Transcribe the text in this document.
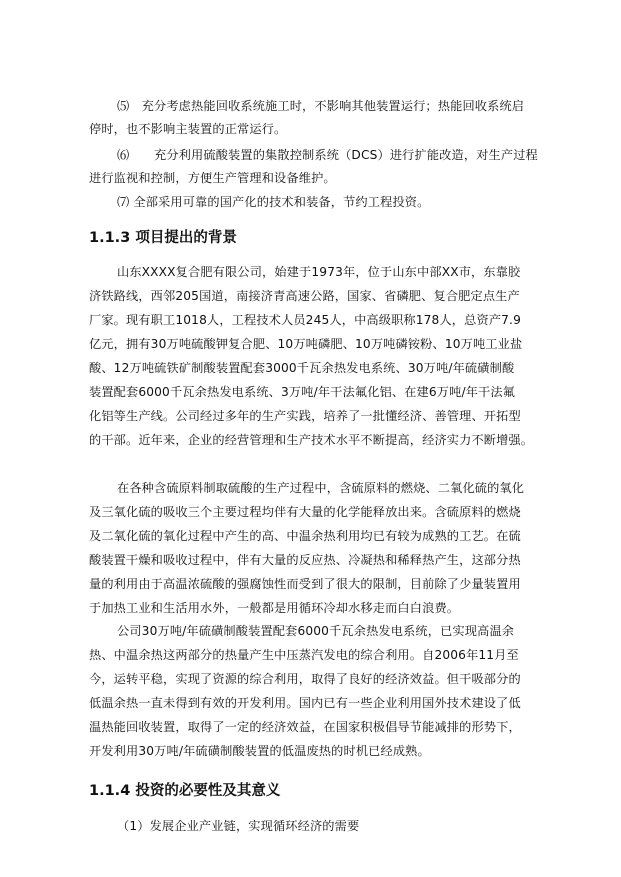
⑸　充分考虑热能回收系统施工时，不影响其他装置运行；热能回收系统启
停时，也不影响主装置的正常运行。
⑹　　充分利用硫酸装置的集散控制系统（DCS）进行扩能改造，对生产过程
进行监视和控制，方便生产管理和设备维护。
⑺ 全部采用可靠的国产化的技术和装备，节约工程投资。
1.1.3 项目提出的背景
山东XXXX复合肥有限公司，始建于1973年，位于山东中部XX市，东靠胶
济铁路线，西邻205国道，南接济青高速公路，国家、省磷肥、复合肥定点生产
厂家。现有职工1018人，工程技术人员245人，中高级职称178人，总资产7.9
亿元，拥有30万吨硫酸钾复合肥、10万吨磷肥、10万吨磷铵粉、10万吨工业盐
酸、12万吨硫铁矿制酸装置配套3000千瓦余热发电系统、30万吨/年硫磺制酸
装置配套6000千瓦余热发电系统、3万吨/年干法氟化铝、在建6万吨/年干法氟
化铝等生产线。公司经过多年的生产实践，培养了一批懂经济、善管理、开拓型
的干部。近年来，企业的经营管理和生产技术水平不断提高，经济实力不断增强。
在各种含硫原料制取硫酸的生产过程中，含硫原料的燃烧、二氧化硫的氧化
及三氧化硫的吸收三个主要过程均伴有大量的化学能释放出来。含硫原料的燃烧
及二氧化硫的氧化过程中产生的高、中温余热利用均已有较为成熟的工艺。在硫
酸装置干燥和吸收过程中，伴有大量的反应热、冷凝热和稀释热产生，这部分热
量的利用由于高温浓硫酸的强腐蚀性而受到了很大的限制，目前除了少量装置用
于加热工业和生活用水外，一般都是用循环冷却水移走而白白浪费。
公司30万吨/年硫磺制酸装置配套6000千瓦余热发电系统，已实现高温余
热、中温余热这两部分的热量产生中压蒸汽发电的综合利用。自2006年11月至
今，运转平稳，实现了资源的综合利用，取得了良好的经济效益。但干吸部分的
低温余热一直未得到有效的开发利用。国内已有一些企业利用国外技术建设了低
温热能回收装置，取得了一定的经济效益，在国家积极倡导节能减排的形势下，
开发利用30万吨/年硫磺制酸装置的低温废热的时机已经成熟。
1.1.4 投资的必要性及其意义
（1）发展企业产业链，实现循环经济的需要
